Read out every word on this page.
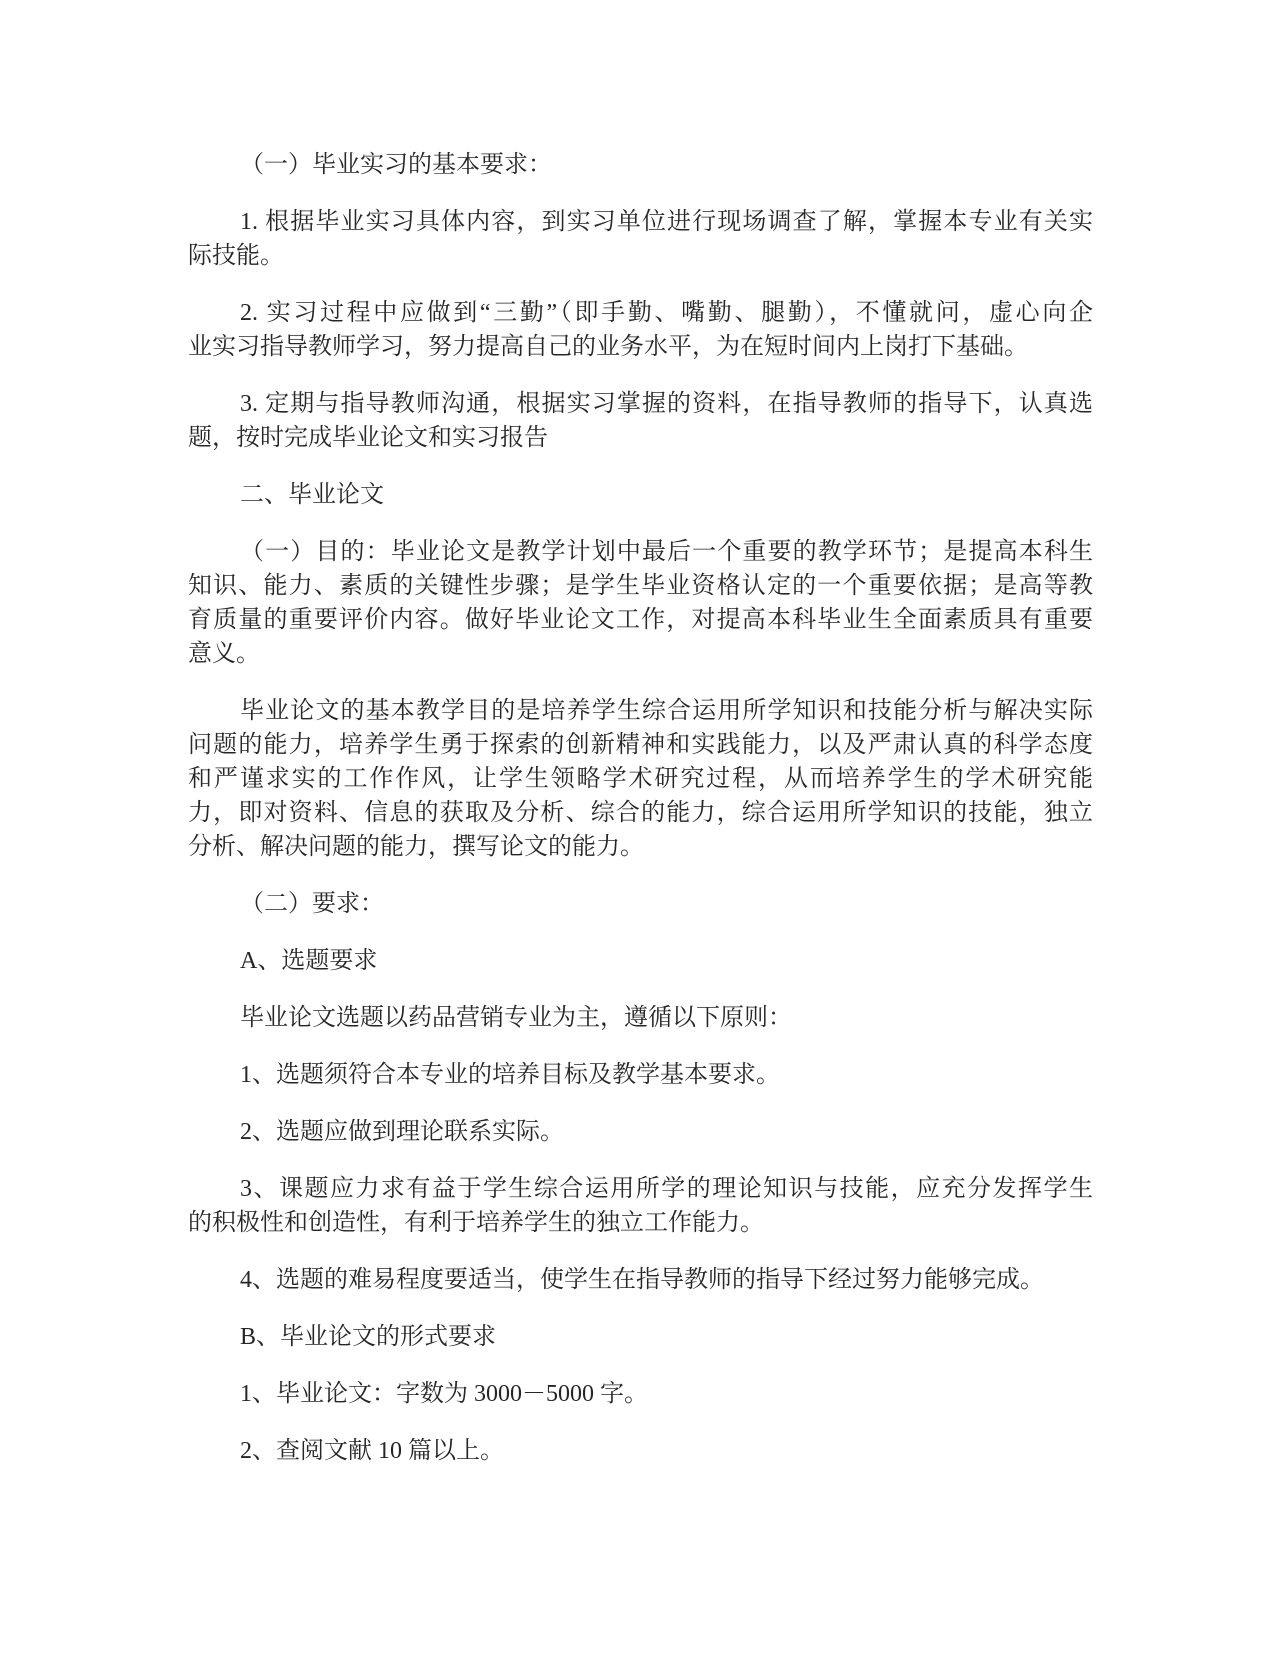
（一）毕业实习的基本要求：

1. 根据毕业实习具体内容，到实习单位进行现场调查了解，掌握本专业有关实
际技能。

2. 实习过程中应做到“三勤”（即手勤、嘴勤、腿勤），不懂就问，虚心向企
业实习指导教师学习，努力提高自己的业务水平，为在短时间内上岗打下基础。

3. 定期与指导教师沟通，根据实习掌握的资料，在指导教师的指导下，认真选
题，按时完成毕业论文和实习报告

二、毕业论文

（一）目的：毕业论文是教学计划中最后一个重要的教学环节；是提高本科生
知识、能力、素质的关键性步骤；是学生毕业资格认定的一个重要依据；是高等教
育质量的重要评价内容。做好毕业论文工作，对提高本科毕业生全面素质具有重要
意义。

毕业论文的基本教学目的是培养学生综合运用所学知识和技能分析与解决实际
问题的能力，培养学生勇于探索的创新精神和实践能力，以及严肃认真的科学态度
和严谨求实的工作作风，让学生领略学术研究过程，从而培养学生的学术研究能
力，即对资料、信息的获取及分析、综合的能力，综合运用所学知识的技能，独立
分析、解决问题的能力，撰写论文的能力。

（二）要求：

A、选题要求

毕业论文选题以药品营销专业为主，遵循以下原则：

1、选题须符合本专业的培养目标及教学基本要求。

2、选题应做到理论联系实际。

3、课题应力求有益于学生综合运用所学的理论知识与技能，应充分发挥学生
的积极性和创造性，有利于培养学生的独立工作能力。

4、选题的难易程度要适当，使学生在指导教师的指导下经过努力能够完成。

B、毕业论文的形式要求

1、毕业论文：字数为 3000－5000 字。

2、查阅文献 10 篇以上。
